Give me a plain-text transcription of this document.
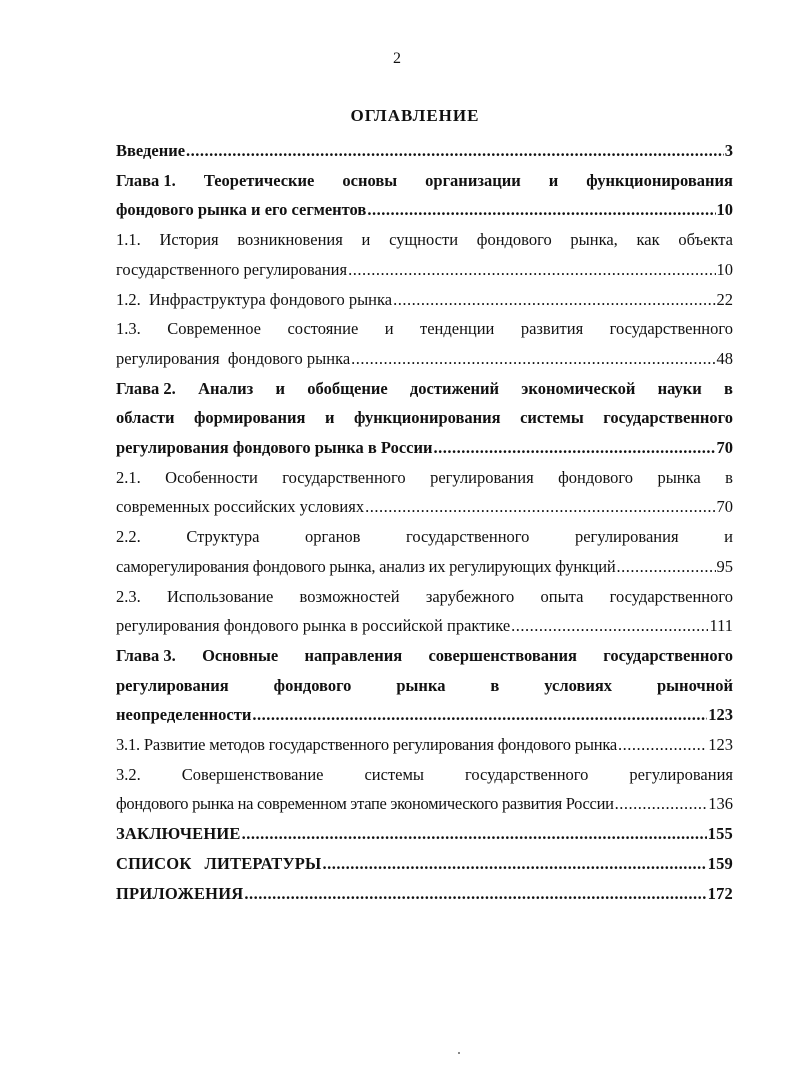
2
ОГЛАВЛЕНИЕ
Введение .....	3
Глава 1. Теоретические основы организации и функционирования
фондового рынка и его сегментов .....	10
1.1. История возникновения и сущности фондового рынка, как объекта
государственного регулирования .....	10
1.2.  Инфраструктура фондового рынка .....	22
1.3. Современное состояние и тенденции развития государственного
регулирования  фондового рынка .....	48
Глава 2. Анализ и обобщение достижений экономической науки в
области формирования и функционирования системы государственного
регулирования фондового рынка в России .....	70
2.1. Особенности государственного регулирования фондового рынка в
современных российских условиях .....	70
2.2.	Структура	органов	государственного	регулирования	и
саморегулирования фондового рынка, анализ их регулирующих функций .....	95
2.3. Использование возможностей зарубежного опыта государственного
регулирования фондового рынка в российской практике .....	111
Глава 3. Основные направления совершенствования государственного
регулирования	фондового	рынка	в	условиях	рыночной
неопределенности .....	123
3.1. Развитие методов государственного регулирования фондового рынка .....	123
3.2. Совершенствование системы государственного регулирования
фондового рынка на современном этапе экономического развития России .....	136
ЗАКЛЮЧЕНИЕ .....	155
СПИСОК   ЛИТЕРАТУРЫ .....	159
ПРИЛОЖЕНИЯ .....	172
